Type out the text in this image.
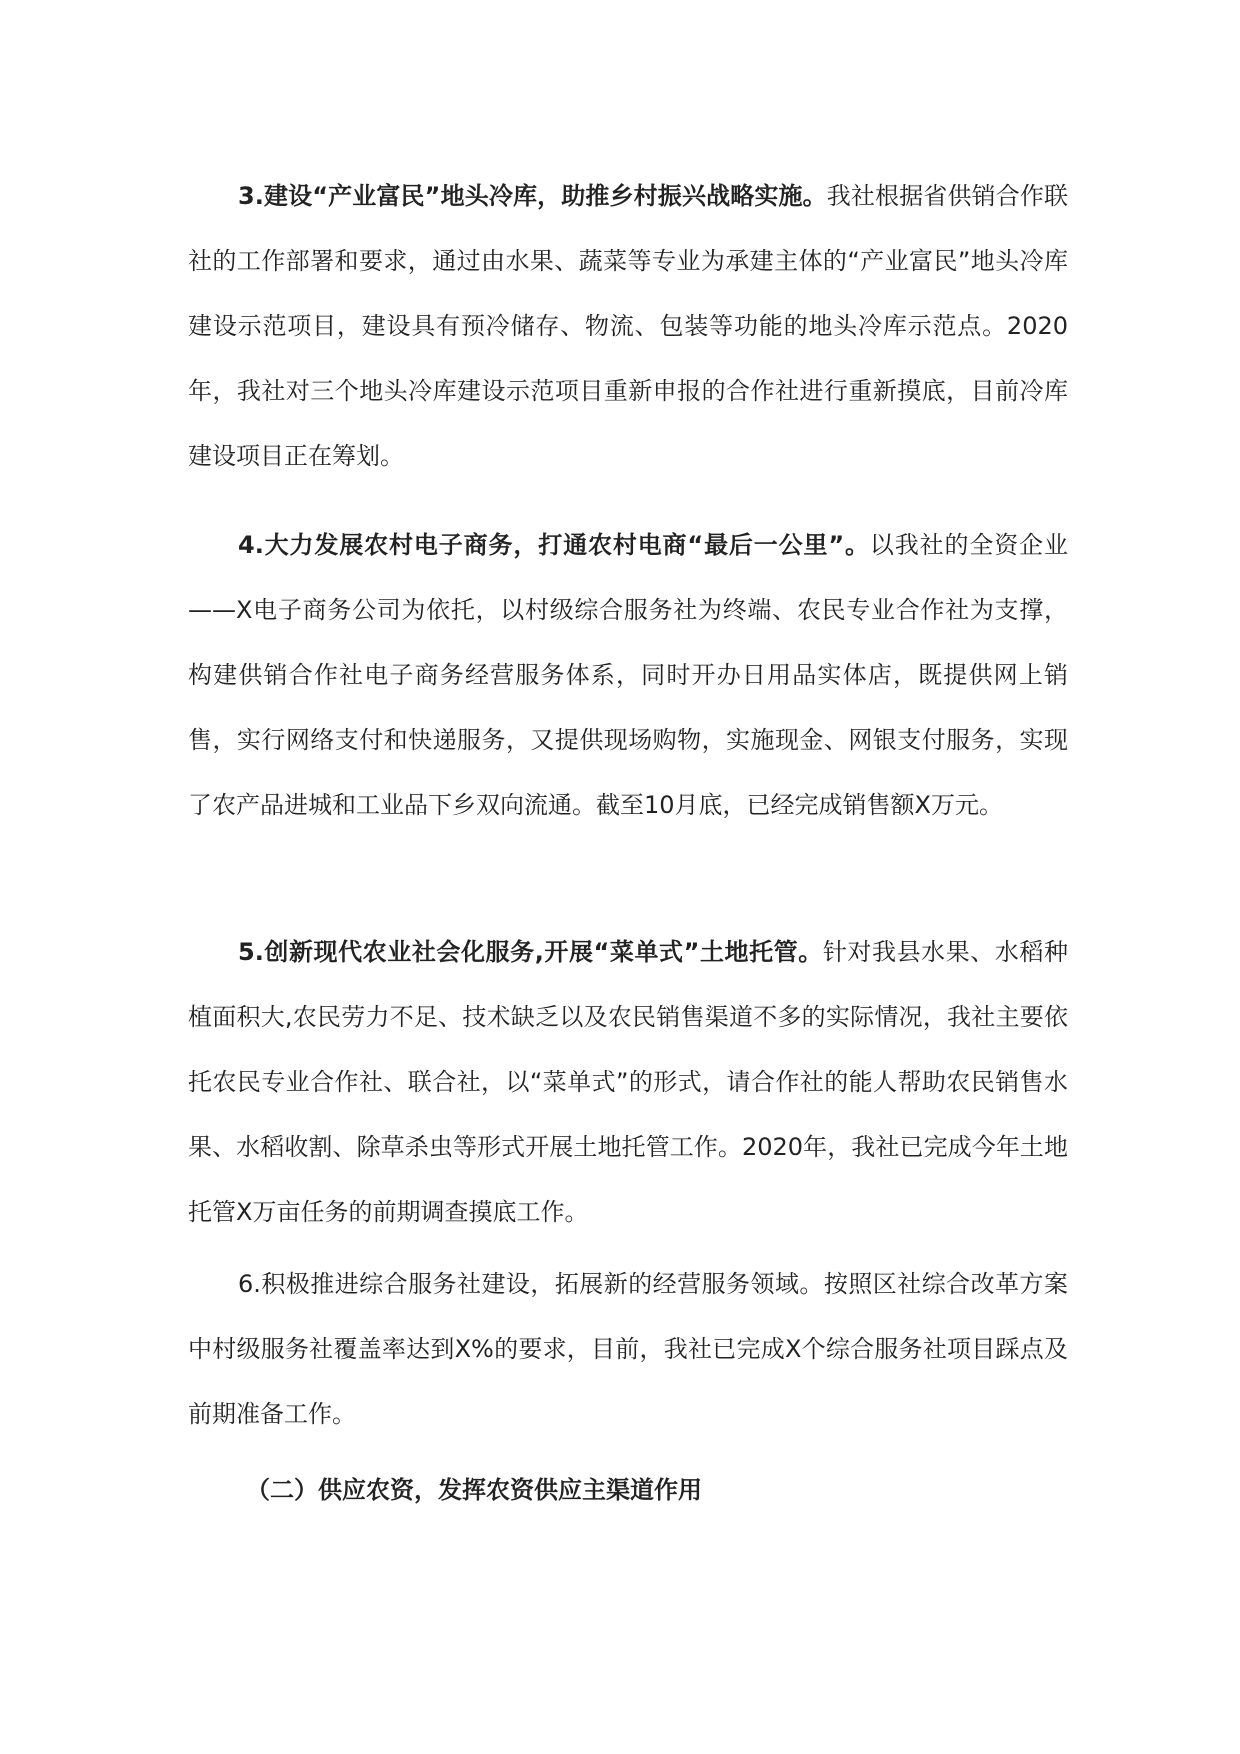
3.建设“产业富民”地头冷库，助推乡村振兴战略实施。我社根据省供销合作联社的工作部署和要求，通过由水果、蔬菜等专业为承建主体的“产业富民”地头冷库建设示范项目，建设具有预冷储存、物流、包装等功能的地头冷库示范点。2020年，我社对三个地头冷库建设示范项目重新申报的合作社进行重新摸底，目前冷库建设项目正在筹划。

4.大力发展农村电子商务，打通农村电商“最后一公里”。以我社的全资企业——X电子商务公司为依托，以村级综合服务社为终端、农民专业合作社为支撑，构建供销合作社电子商务经营服务体系，同时开办日用品实体店，既提供网上销售，实行网络支付和快递服务，又提供现场购物，实施现金、网银支付服务，实现了农产品进城和工业品下乡双向流通。截至10月底，已经完成销售额X万元。

5.创新现代农业社会化服务,开展“菜单式”土地托管。针对我县水果、水稻种植面积大,农民劳力不足、技术缺乏以及农民销售渠道不多的实际情况，我社主要依托农民专业合作社、联合社，以“菜单式”的形式，请合作社的能人帮助农民销售水果、水稻收割、除草杀虫等形式开展土地托管工作。2020年，我社已完成今年土地托管X万亩任务的前期调查摸底工作。

6.积极推进综合服务社建设，拓展新的经营服务领域。按照区社综合改革方案中村级服务社覆盖率达到X%的要求，目前，我社已完成X个综合服务社项目踩点及前期准备工作。

（二）供应农资，发挥农资供应主渠道作用
